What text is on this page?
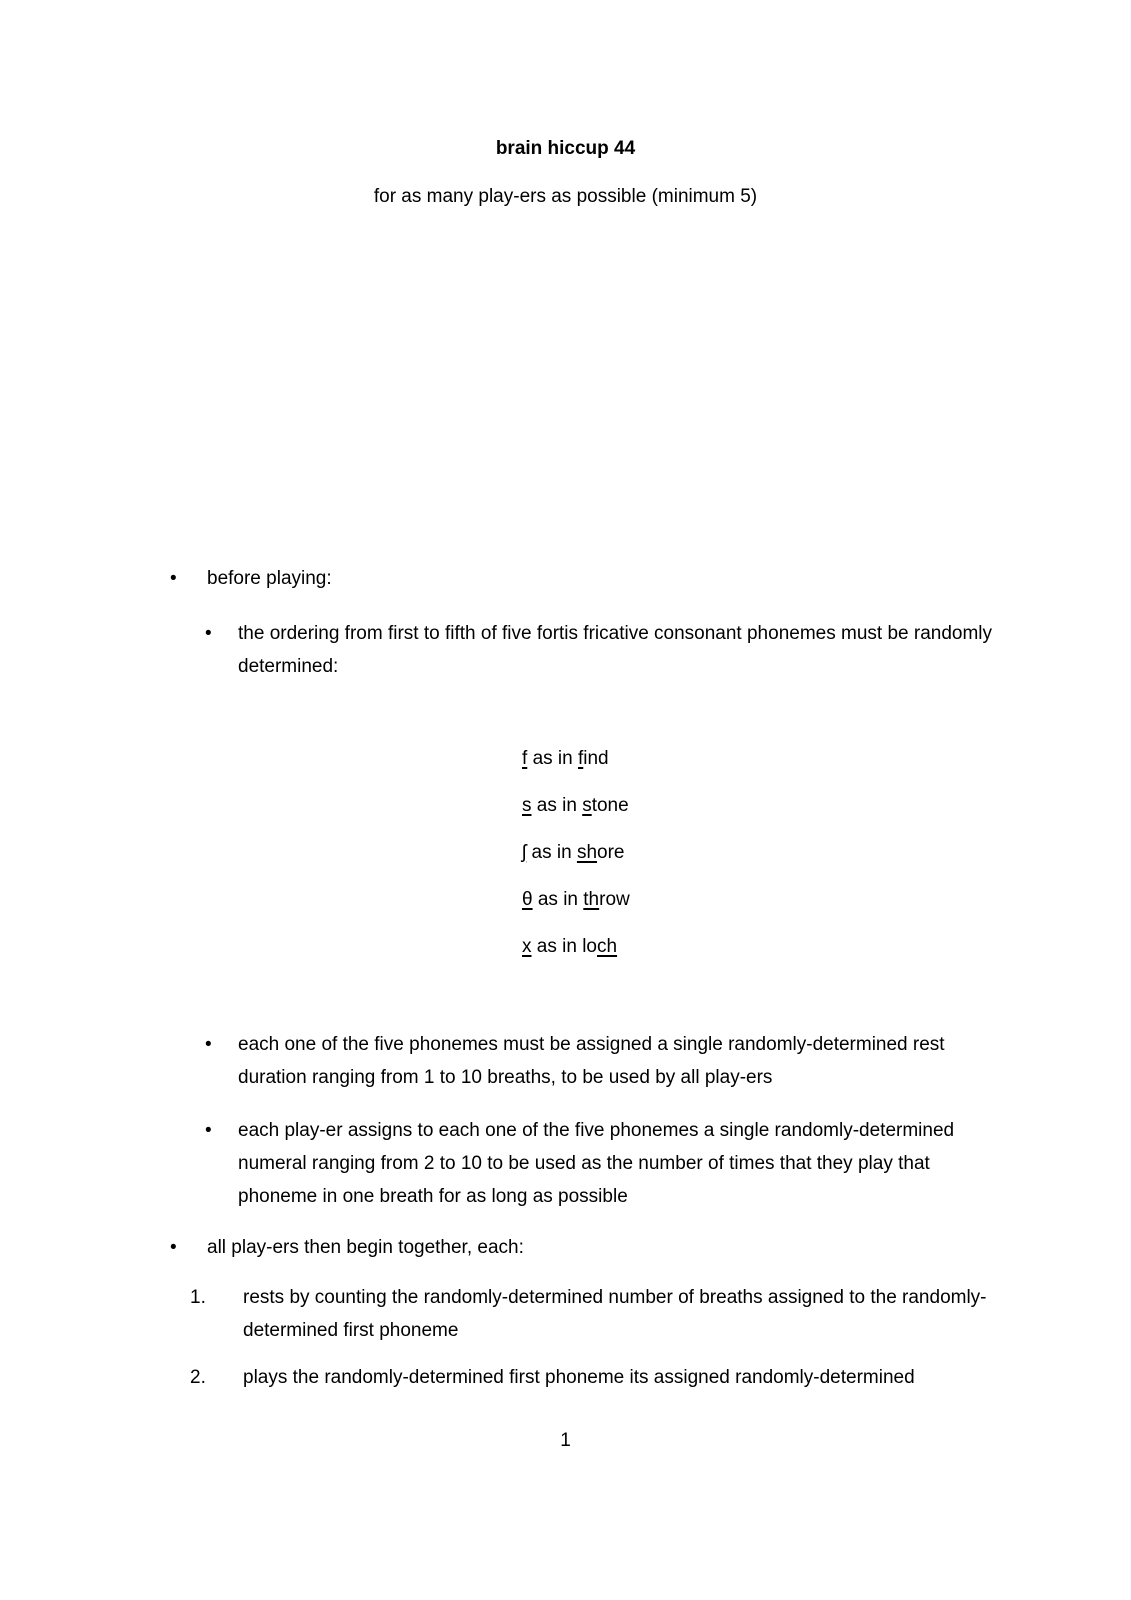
brain hiccup 44
for as many play-ers as possible (minimum 5)
• before playing:
• the ordering from first to fifth of five fortis fricative consonant phonemes must be randomly determined:
f as in find
s as in stone
ʃ as in shore
θ as in throw
x as in loch
• each one of the five phonemes must be assigned a single randomly-determined rest duration ranging from 1 to 10 breaths, to be used by all play-ers
• each play-er assigns to each one of the five phonemes a single randomly-determined numeral ranging from 2 to 10 to be used as the number of times that they play that phoneme in one breath for as long as possible
• all play-ers then begin together, each:
1. rests by counting the randomly-determined number of breaths assigned to the randomly-determined first phoneme
2. plays the randomly-determined first phoneme its assigned randomly-determined
1
